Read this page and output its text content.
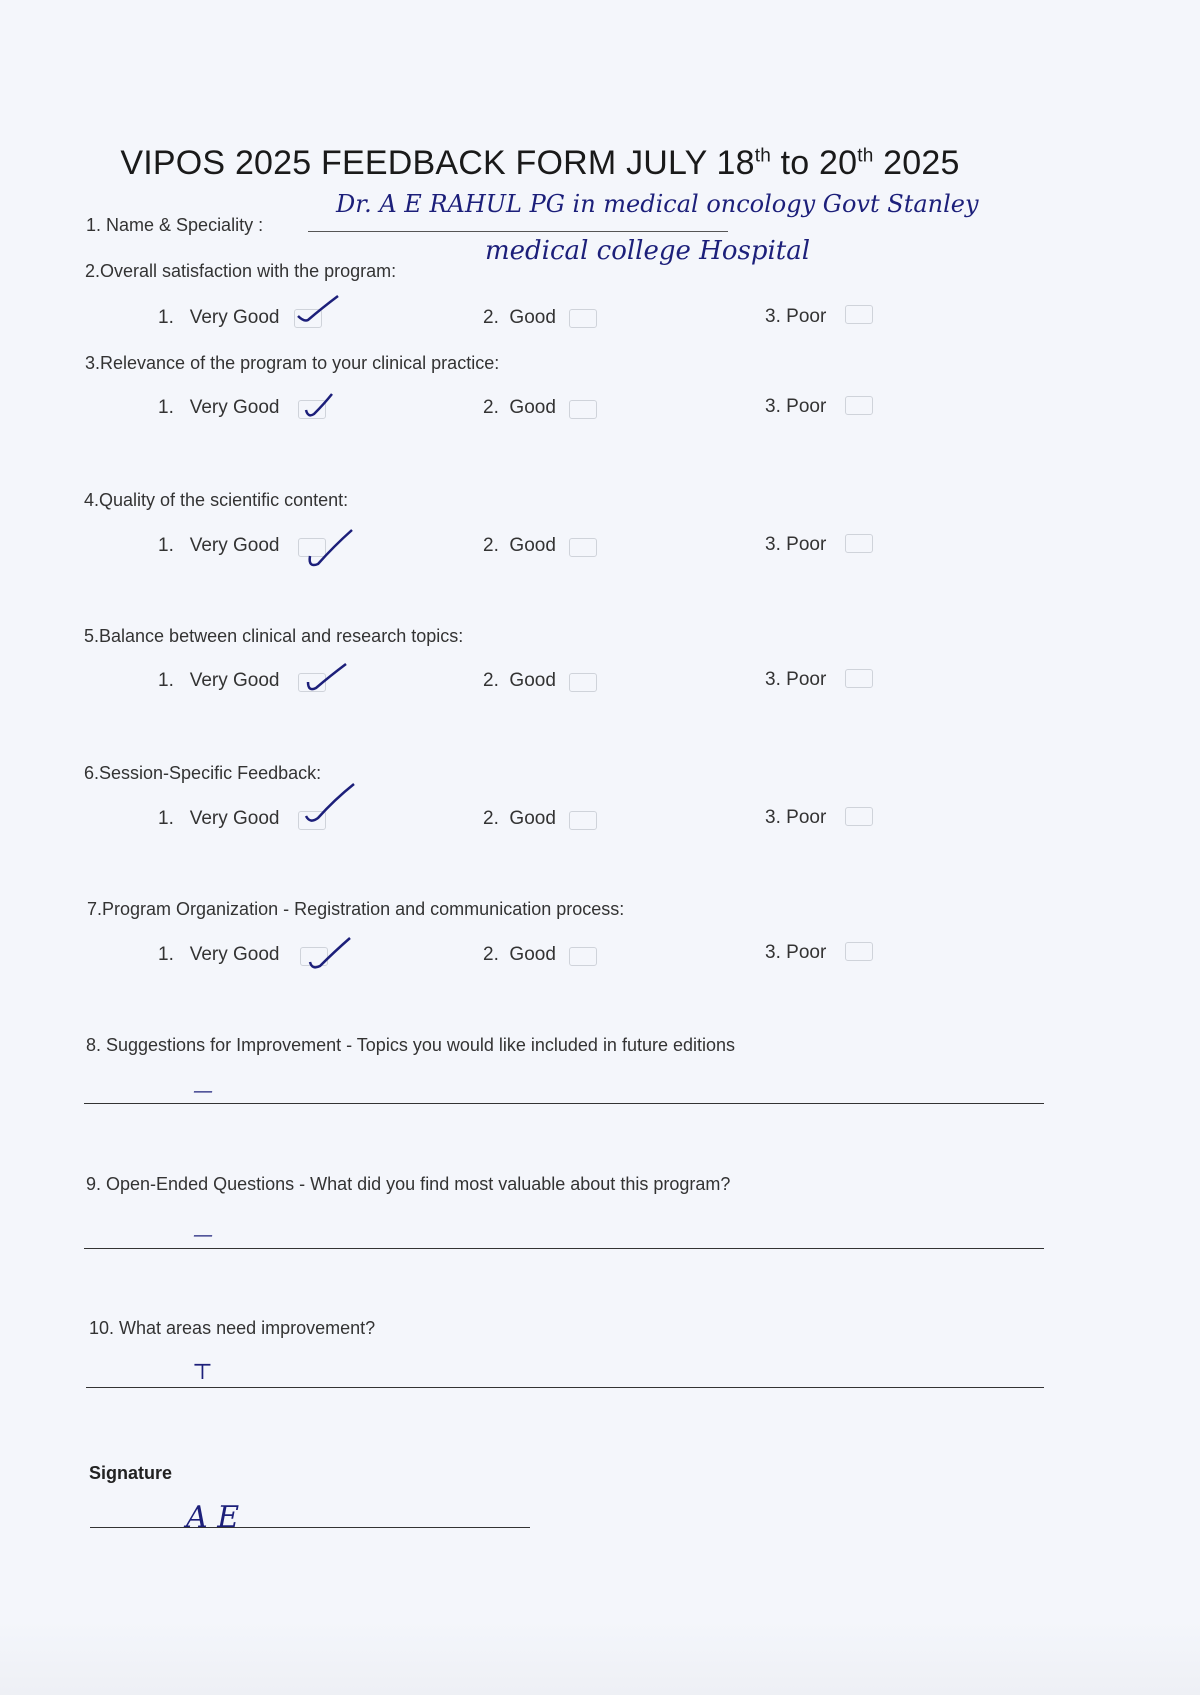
VIPOS 2025 FEEDBACK FORM JULY 18th to 20th 2025
1. Name & Speciality :
Dr. A E RAHUL PG in medical oncology Govt Stanley
medical college Hospital
2.Overall satisfaction with the program:
1. Very Good	2. Good	3. Poor
3.Relevance of the program to your clinical practice:
1. Very Good	2. Good	3. Poor
4.Quality of the scientific content:
1. Very Good	2. Good	3. Poor
5.Balance between clinical and research topics:
1. Very Good	2. Good	3. Poor
6.Session-Specific Feedback:
1. Very Good	2. Good	3. Poor
7.Program Organization - Registration and communication process:
1. Very Good	2. Good	3. Poor
8. Suggestions for Improvement - Topics you would like included in future editions
—
9. Open-Ended Questions - What did you find most valuable about this program?
—
10. What areas need improvement?
⊤
Signature
A E
